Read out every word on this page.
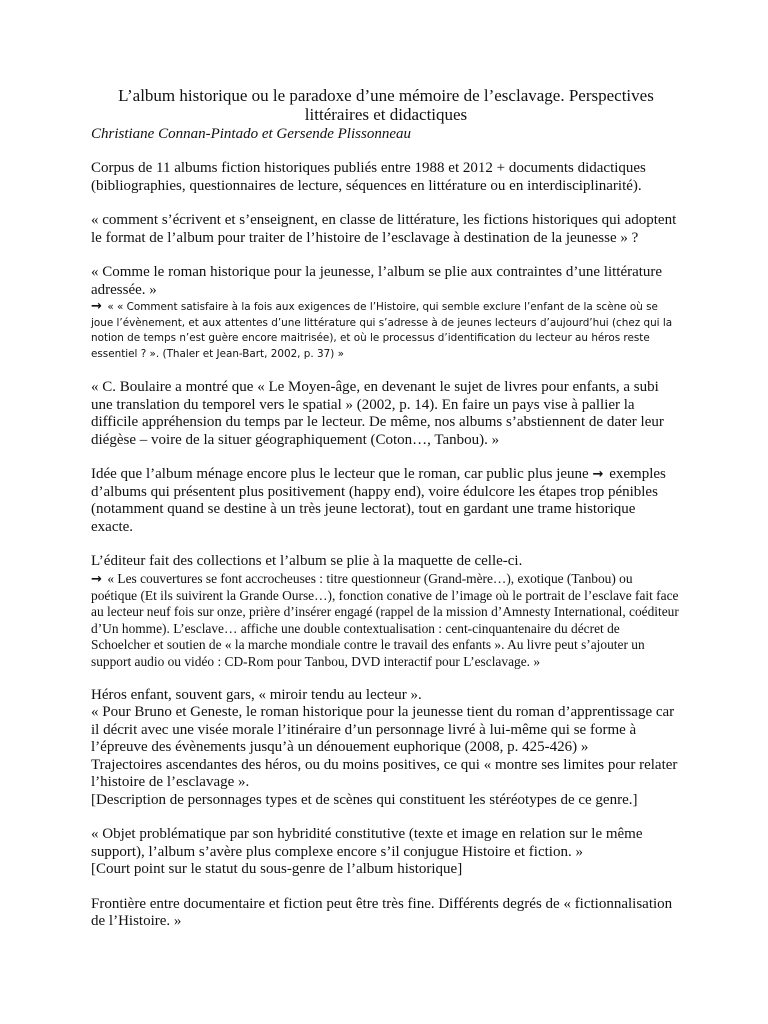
L’album historique ou le paradoxe d’une mémoire de l’esclavage. Perspectives littéraires et didactiques

Christiane Connan-Pintado et Gersende Plissonneau

Corpus de 11 albums fiction historiques publiés entre 1988 et 2012 + documents didactiques (bibliographies, questionnaires de lecture, séquences en littérature ou en interdisciplinarité).

« comment s’écrivent et s’enseignent, en classe de littérature, les fictions historiques qui adoptent le format de l’album pour traiter de l’histoire de l’esclavage à destination de la jeunesse » ?

« Comme le roman historique pour la jeunesse, l’album se plie aux contraintes d’une littérature adressée. »

→ « « Comment satisfaire à la fois aux exigences de l’Histoire, qui semble exclure l’enfant de la scène où se joue l’évènement, et aux attentes d’une littérature qui s’adresse à de jeunes lecteurs d’aujourd’hui (chez qui la notion de temps n’est guère encore maitrisée), et où le processus d’identification du lecteur au héros reste essentiel ? ». (Thaler et Jean-Bart, 2002, p. 37) »

« C. Boulaire a montré que « Le Moyen-âge, en devenant le sujet de livres pour enfants, a subi une translation du temporel vers le spatial » (2002, p. 14). En faire un pays vise à pallier la difficile appréhension du temps par le lecteur. De même, nos albums s’abstiennent de dater leur diégèse – voire de la situer géographiquement (Coton…, Tanbou). »

Idée que l’album ménage encore plus le lecteur que le roman, car public plus jeune → exemples d’albums qui présentent plus positivement (happy end), voire édulcore les étapes trop pénibles (notamment quand se destine à un très jeune lectorat), tout en gardant une trame historique exacte.

L’éditeur fait des collections et l’album se plie à la maquette de celle-ci.

→ « Les couvertures se font accrocheuses : titre questionneur (Grand-mère…), exotique (Tanbou) ou poétique (Et ils suivirent la Grande Ourse…), fonction conative de l’image où le portrait de l’esclave fait face au lecteur neuf fois sur onze, prière d’insérer engagé (rappel de la mission d’Amnesty International, coéditeur d’Un homme). L’esclave… affiche une double contextualisation : cent-cinquantenaire du décret de Schoelcher et soutien de « la marche mondiale contre le travail des enfants ». Au livre peut s’ajouter un support audio ou vidéo : CD-Rom pour Tanbou, DVD interactif pour L’esclavage. »

Héros enfant, souvent gars, « miroir tendu au lecteur ».

« Pour Bruno et Geneste, le roman historique pour la jeunesse tient du roman d’apprentissage car il décrit avec une visée morale l’itinéraire d’un personnage livré à lui-même qui se forme à l’épreuve des évènements jusqu’à un dénouement euphorique (2008, p. 425-426) »

Trajectoires ascendantes des héros, ou du moins positives, ce qui « montre ses limites pour relater l’histoire de l’esclavage ».

[Description de personnages types et de scènes qui constituent les stéréotypes de ce genre.]

« Objet problématique par son hybridité constitutive (texte et image en relation sur le même support), l’album s’avère plus complexe encore s’il conjugue Histoire et fiction. »

[Court point sur le statut du sous-genre de l’album historique]

Frontière entre documentaire et fiction peut être très fine. Différents degrés de « fictionnalisation de l’Histoire. »
